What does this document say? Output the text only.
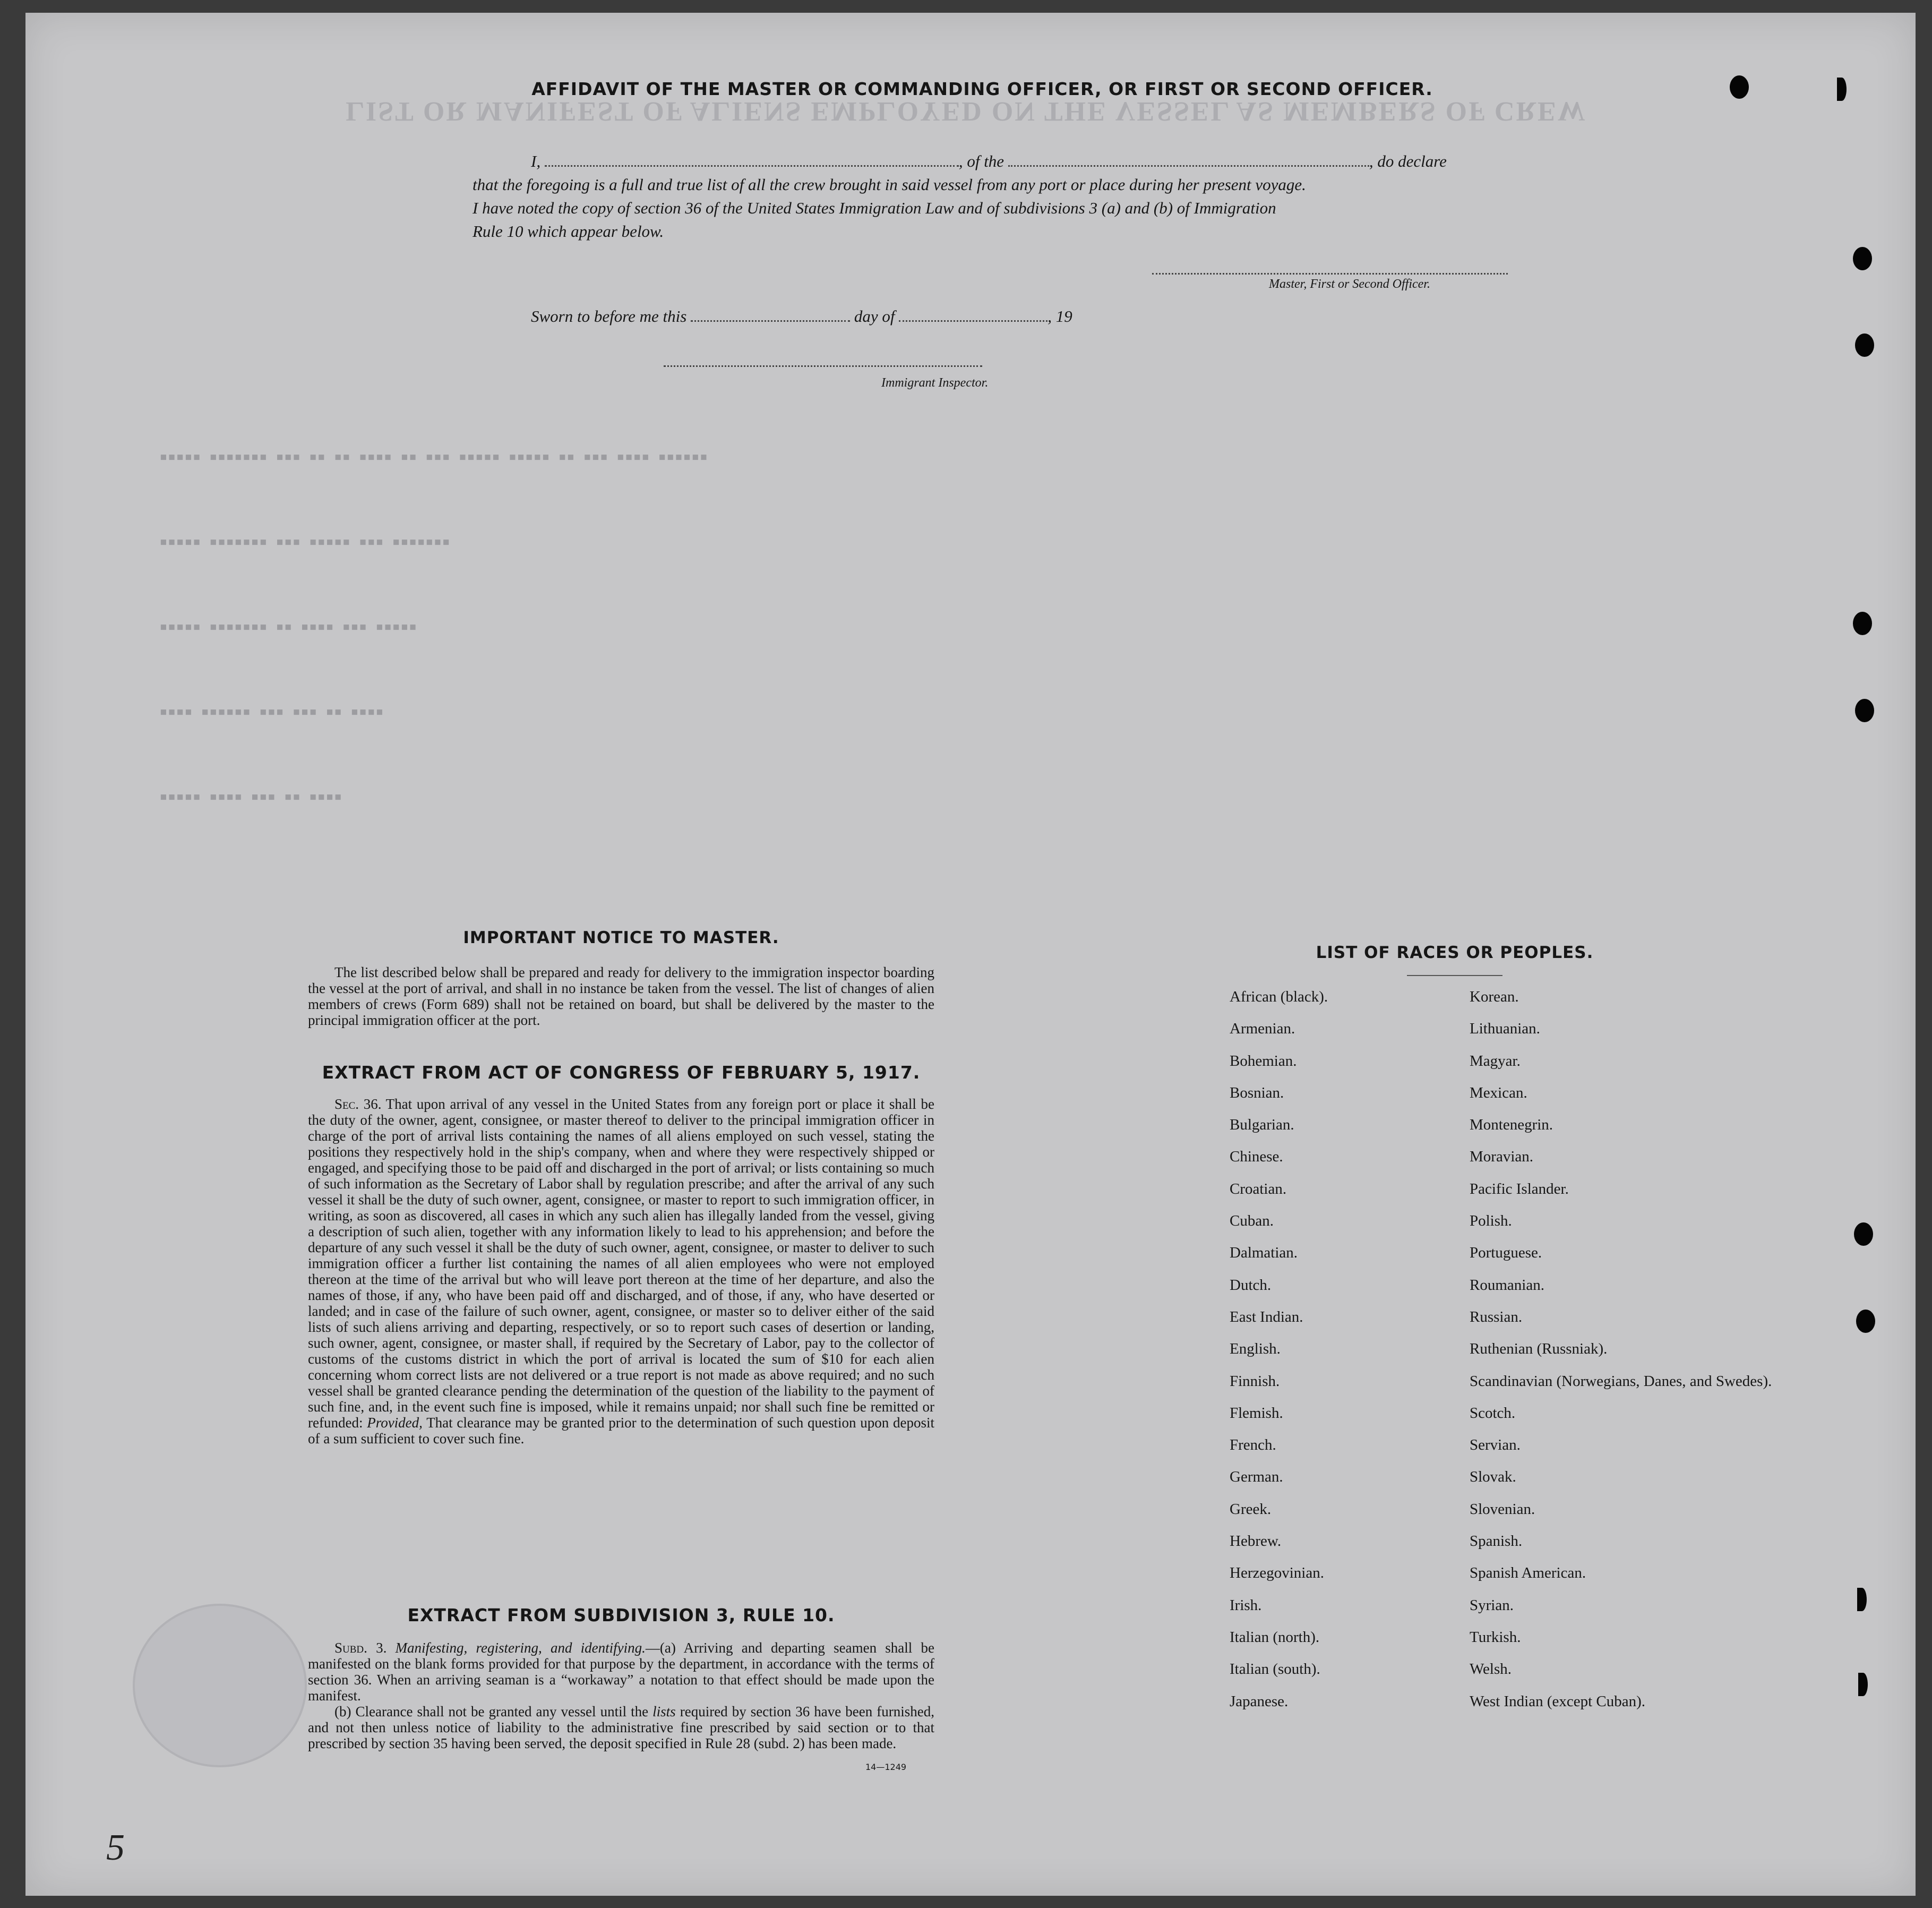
LIST OR MANIFEST OF ALIENS EMPLOYED ON THE VESSEL AS MEMBERS OF CREW
▪▪▪▪▪ ▪▪▪▪▪▪▪ ▪▪▪ ▪▪ ▪▪ ▪▪▪▪ ▪▪ ▪▪▪ ▪▪▪▪▪ ▪▪▪▪▪ ▪▪ ▪▪▪ ▪▪▪▪ ▪▪▪▪▪▪
▪▪▪▪▪ ▪▪▪▪▪▪▪ ▪▪▪ ▪▪▪▪▪ ▪▪▪ ▪▪▪▪▪▪▪
▪▪▪▪▪ ▪▪▪▪▪▪▪ ▪▪ ▪▪▪▪ ▪▪▪ ▪▪▪▪▪
▪▪▪▪ ▪▪▪▪▪▪ ▪▪▪ ▪▪▪ ▪▪ ▪▪▪▪
▪▪▪▪▪ ▪▪▪▪ ▪▪▪ ▪▪ ▪▪▪▪
AFFIDAVIT OF THE MASTER OR COMMANDING OFFICER, OR FIRST OR SECOND OFFICER.
I,	, of the	, do declare
that the foregoing is a full and true list of all the crew brought in said vessel from any port or place during her present voyage.
I have noted the copy of section 36 of the United States Immigration Law and of subdivisions 3 (a) and (b) of Immigration
Rule 10 which appear below.
Master, First or Second Officer.
Sworn to before me this	day of	, 19
Immigrant Inspector.
IMPORTANT NOTICE TO MASTER.

The list described below shall be prepared and ready for delivery to the immigration inspector boarding the vessel at the port of arrival, and shall in no instance be taken from the vessel. The list of changes of alien members of crews (Form 689) shall not be retained on board, but shall be delivered by the master to the principal immigration officer at the port.

EXTRACT FROM ACT OF CONGRESS OF FEBRUARY 5, 1917.

Sec. 36. That upon arrival of any vessel in the United States from any foreign port or place it shall be the duty of the owner, agent, consignee, or master thereof to deliver to the principal immigration officer in charge of the port of arrival lists containing the names of all aliens employed on such vessel, stating the positions they respectively hold in the ship's company, when and where they were respectively shipped or engaged, and specifying those to be paid off and discharged in the port of arrival; or lists containing so much of such information as the Secretary of Labor shall by regulation prescribe; and after the arrival of any such vessel it shall be the duty of such owner, agent, consignee, or master to report to such immigration officer, in writing, as soon as discovered, all cases in which any such alien has illegally landed from the vessel, giving a description of such alien, together with any information likely to lead to his apprehension; and before the departure of any such vessel it shall be the duty of such owner, agent, consignee, or master to deliver to such immigration officer a further list containing the names of all alien employees who were not employed thereon at the time of the arrival but who will leave port thereon at the time of her departure, and also the names of those, if any, who have been paid off and discharged, and of those, if any, who have deserted or landed; and in case of the failure of such owner, agent, consignee, or master so to deliver either of the said lists of such aliens arriving and departing, respectively, or so to report such cases of desertion or landing, such owner, agent, consignee, or master shall, if required by the Secretary of Labor, pay to the collector of customs of the customs district in which the port of arrival is located the sum of $10 for each alien concerning whom correct lists are not delivered or a true report is not made as above required; and no such vessel shall be granted clearance pending the determination of the question of the liability to the payment of such fine, and, in the event such fine is imposed, while it remains unpaid; nor shall such fine be remitted or refunded: Provided, That clearance may be granted prior to the determination of such question upon deposit of a sum sufficient to cover such fine.

EXTRACT FROM SUBDIVISION 3, RULE 10.

Subd. 3. Manifesting, registering, and identifying.—(a) Arriving and departing seamen shall be manifested on the blank forms provided for that purpose by the department, in accordance with the terms of section 36. When an arriving seaman is a “workaway” a notation to that effect should be made upon the manifest.

(b) Clearance shall not be granted any vessel until the lists required by section 36 have been furnished, and not then unless notice of liability to the administrative fine prescribed by said section or to that prescribed by section 35 having been served, the deposit specified in Rule 28 (subd. 2) has been made.

14—1249
LIST OF RACES OR PEOPLES.
African (black).
Armenian.
Bohemian.
Bosnian.
Bulgarian.
Chinese.
Croatian.
Cuban.
Dalmatian.
Dutch.
East Indian.
English.
Finnish.
Flemish.
French.
German.
Greek.
Hebrew.
Herzegovinian.
Irish.
Italian (north).
Italian (south).
Japanese.
Korean.
Lithuanian.
Magyar.
Mexican.
Montenegrin.
Moravian.
Pacific Islander.
Polish.
Portuguese.
Roumanian.
Russian.
Ruthenian (Russniak).
Scandinavian (Norwegians, Danes, and Swedes).
Scotch.
Servian.
Slovak.
Slovenian.
Spanish.
Spanish American.
Syrian.
Turkish.
Welsh.
West Indian (except Cuban).
5
